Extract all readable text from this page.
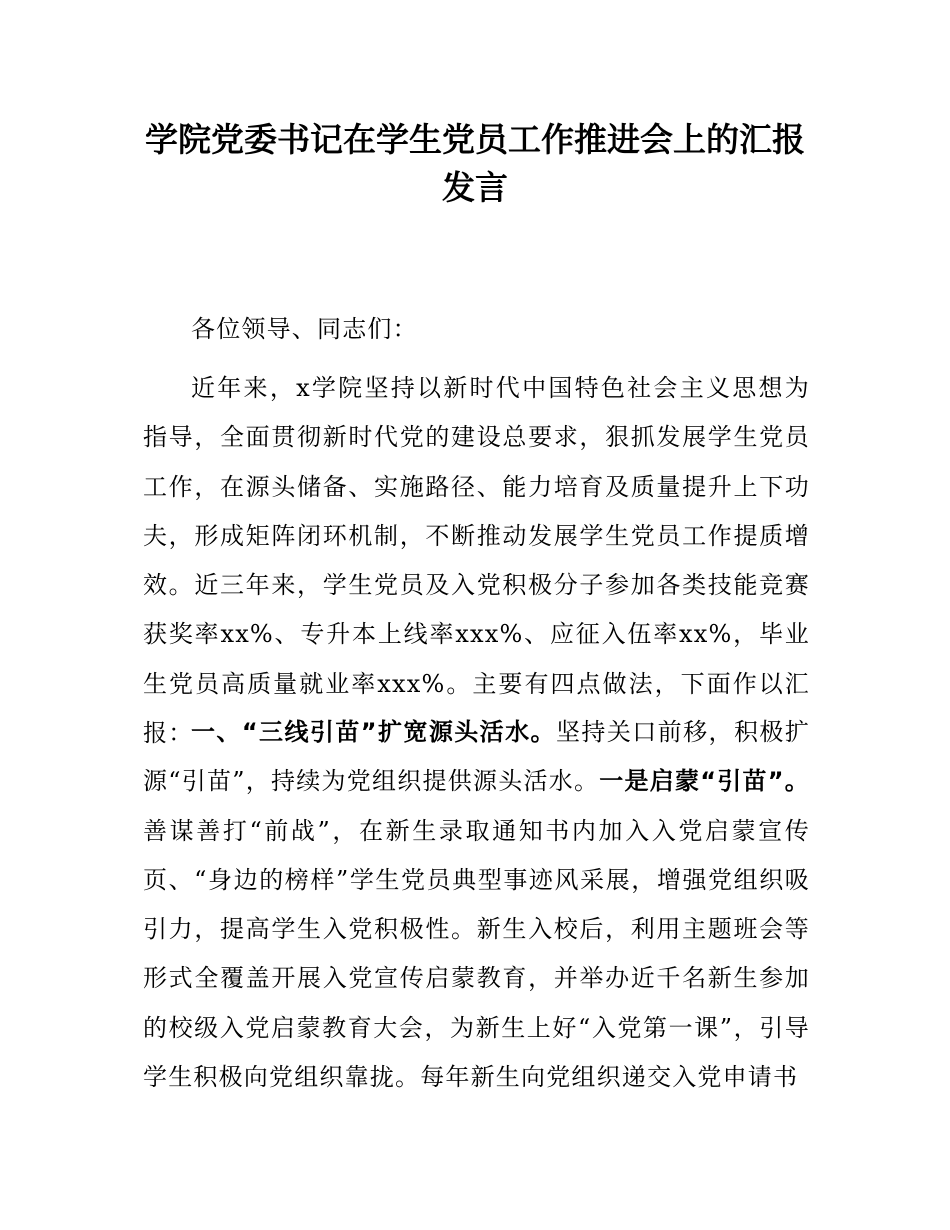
学院党委书记在学生党员工作推进会上的汇报发言

各位领导、同志们：

近年来，x学院坚持以新时代中国特色社会主义思想为指导，全面贯彻新时代党的建设总要求，狠抓发展学生党员工作，在源头储备、实施路径、能力培育及质量提升上下功夫，形成矩阵闭环机制，不断推动发展学生党员工作提质增效。近三年来，学生党员及入党积极分子参加各类技能竞赛获奖率xx%、专升本上线率xxx%、应征入伍率xx%，毕业生党员高质量就业率xxx%。主要有四点做法，下面作以汇报：

一、“三线引苗”扩宽源头活水。坚持关口前移，积极扩源“引苗”，持续为党组织提供源头活水。一是启蒙“引苗”。善谋善打“前战”，在新生录取通知书内加入入党启蒙宣传页、“身边的榜样”学生党员典型事迹风采展，增强党组织吸引力，提高学生入党积极性。新生入校后，利用主题班会等形式全覆盖开展入党宣传启蒙教育，并举办近千名新生参加的校级入党启蒙教育大会，为新生上好“入党第一课”，引导学生积极向党组织靠拢。每年新生向党组织递交入党申请书
